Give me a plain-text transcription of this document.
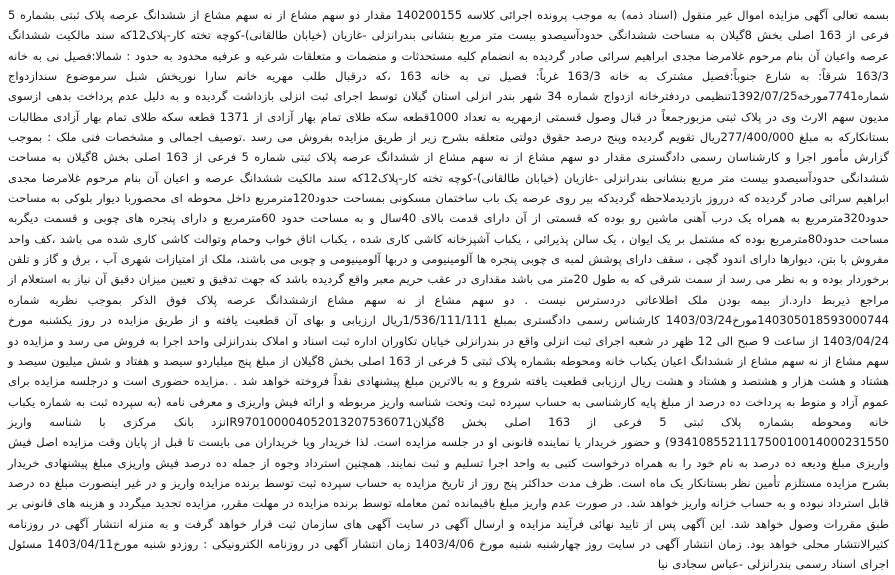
بسمه تعالی آگهی مزایده اموال غیر منقول (اسناد ذمه) به موجب پرونده اجرائی کلاسه 140200155 مقدار دو سهم مشاع از نه سهم مشاع از ششدانگ عرصه پلاک ثبتی بشماره 5 فرعی از 163 اصلی بخش 8گیلان به مساحت ششدانگی حدودآسیصدو بیست متر مربع بنشانی بندرانزلی -غازیان (خیابان طالقانی)-کوچه تخته کار-پلاک12که سند مالکیت ششدانگ عرصه واعیان آن بنام مرحوم غلامرضا مجدی ابراهیم سرائی صادر گردیده به انضمام کلیه مستحدثات و منضمات و متعلقات شرعیه و عرفیه محدود به حدود : شمالا:فصیل نی به خانه 163/3 شرقاً: به شارع جنوباً:فصیل مشترک به خانه 163/3 غرباً: فصیل نی به خانه 163 ،که درقبال طلب مهریه خانم سارا نوریخش شبل سرموضوع سندازدواج شماره7741مورخه1392/07/25تنظیمی دردفترخانه ازدواج شماره 34 شهر بندر انزلی استان گیلان توسط اجرای ثبت انزلی بازداشت گردیده و به دلیل عدم پرداخت بدهی ازسوی مدیون سهم الارث وی در پلاک ثبتی مزبورجمعاً در قبال وصول قسمتی ازمهریه به تعداد 1000قطعه سکه طلای تمام بهار آزادی از 1371 قطعه سکه طلای تمام بهار آزادی مطالبات بستانکارکه به مبلغ 277/400/000ریال تقویم گردیده وپنج درصد حقوق دولتی متعلقه بشرح زیر از طریق مزایده بفروش می رسد .توصیف اجمالی و مشخصات فنی ملک : بموجب گزارش مأمور اجرا و کارشناسان رسمی دادگستری مقدار دو سهم مشاع از نه سهم مشاع از ششدانگ عرصه پلاک ثبتی شماره 5 فرعی از 163 اصلی بخش 8گیلان به مساحت ششدانگی حدودآسیصدو بیست متر مربع بنشانی بندرانزلی -غازیان (خیابان طالقانی)-کوچه تخته کار-پلاک12که سند مالکیت ششدانگ عرصه و اعیان آن بنام مرحوم غلامرضا مجدی ابراهیم سرائی صادر گردیده که درروز بازدیدملاحظه گردیدکه بیر روی عرصه یک باب ساختمان مسکونی بمساحت حدود120مترمربع داخل محوطه ای محصوربا دیوار بلوکی به مساحت حدود320مترمربع به همراه یک درب آهنی ماشین رو بوده که قسمتی از آن دارای قدمت بالای 40سال و به مساحت حدود 60مترمربع و دارای پنجره های چوبی و قسمت دیگربه مساحت حدود80مترمربع بوده که مشتمل بر یک ایوان ، یک سالن پذیرائی ، یکباب آشپزخانه کاشی کاری شده ، یکباب اتاق خواب وحمام وتوالت کاشی کاری شده می باشد ،کف واحد مفروش با بتن، دیوارها دارای اندود گچی ، سقف دارای پوشش لمبه ی چوبی پنجره ها آلومینیومی و دربها آلومینیومی و چوبی می باشند، ملک از امتیازات شهری آب ، برق و گاز و تلفن برخوردار بوده و به نظر می رسد از سمت شرقی که به طول 20متر می باشد مقداری در عقب حریم معبر واقع گردیده باشد که جهت تدقیق و تعیین میزان دقیق آن نیاز به استعلام از مراجع ذیربط دارد.از بیمه بودن ملک اطلاعاتی دردسترس نیست . دو سهم مشاع از نه سهم مشاع ازششدانگ عرصه پلاک فوق الذکر بموجب نظریه شماره 140305018593000744مورخ1403/03/24 کارشناس رسمی دادگستری بمبلغ 1/536/111/111ریال ارزیابی و بهای آن قطعیت یافته و از طریق مزایده در روز یکشنبه مورخ 1403/04/24 از ساعت 9 صبح الی 12 ظهر در شعبه اجرای ثبت انزلی واقع در بندرانزلی خیابان تکاوران اداره ثبت اسناد و املاک بندرانزلی واحد اجرا به فروش می رسد و مزایده دو سهم مشاع از نه سهم مشاع از ششدانگ اعیان یکباب خانه ومحوطه بشماره پلاک ثبتی 5 فرعی از 163 اصلی بخش 8گیلان از مبلغ پنج میلیاردو سیصد و هفتاد و شش میلیون سیصد و هشتاد و هشت هزار و هشتصد و هشتاد و هشت ریال ارزیابی قطعیت یافته شروع و به بالاترین مبلغ پیشنهادی نقداً فروخته خواهد شد . .مزایده حضوری است و درجلسه مزایده برای عموم آزاد و منوط به پرداخت ده درصد از مبلغ پایه کارشناسی به حساب سپرده ثبت وتحت شناسه واریز مربوطه و ارائه فیش واریزی و معرفی نامه (به سپرده ثبت به شماره یکباب خانه ومحوطه بشماره پلاک ثبتی 5 فرعی از 163 اصلی بخش 8گیلانIR970100004052013207536071نزد بانک مرکزی با شناسه واریز 934108552111750010014000231550) و حضور خریدار یا نماینده قانونی او در جلسه مزایده است. لذا خریدار ویا خریداران می بایست تا قبل از پایان وقت مزایده اصل فیش واریزی مبلغ ودیعه ده درصد به نام خود را به همراه درخواست کتبی به واحد اجرا تسلیم و ثبت نمایند. همچنین استرداد وجوه از جمله ده درصد فیش واریزی مبلغ پیشنهادی خریدار بشرح مزایده مستلزم تأمین نظر بستانکار یک ماه است. ظرف مدت حداکثر پنج روز از تاریخ مزایده به حساب سپرده ثبت توسط برنده مزایده واریز و در غیر اینصورت مبلغ ده درصد قابل استرداد نبوده و به حساب خزانه واریز خواهد شد. در صورت عدم واریز مبلغ باقیمانده ثمن معامله توسط برنده مزایده در مهلت مقرر، مزایده تجدید میگردد و هزینه های قانونی بر طبق مقررات وصول خواهد شد. این آگهی پس از تایید نهائی فرآیند مزایده و ارسال آگهی در سایت آگهی های سازمان ثبت قرار خواهد گرفت و به منزله انتشار آگهی در روزنامه کثیرالانتشار محلی خواهد بود. زمان انتشار آگهی در سایت روز چهارشنبه شنبه مورخ 1403/4/06 زمان انتشار آگهی در روزنامه الکترونیکی : روزدو شنبه مورخ1403/04/11 مسئول اجرای اسناد رسمی بندرانزلی -عباس سجادی نیا
